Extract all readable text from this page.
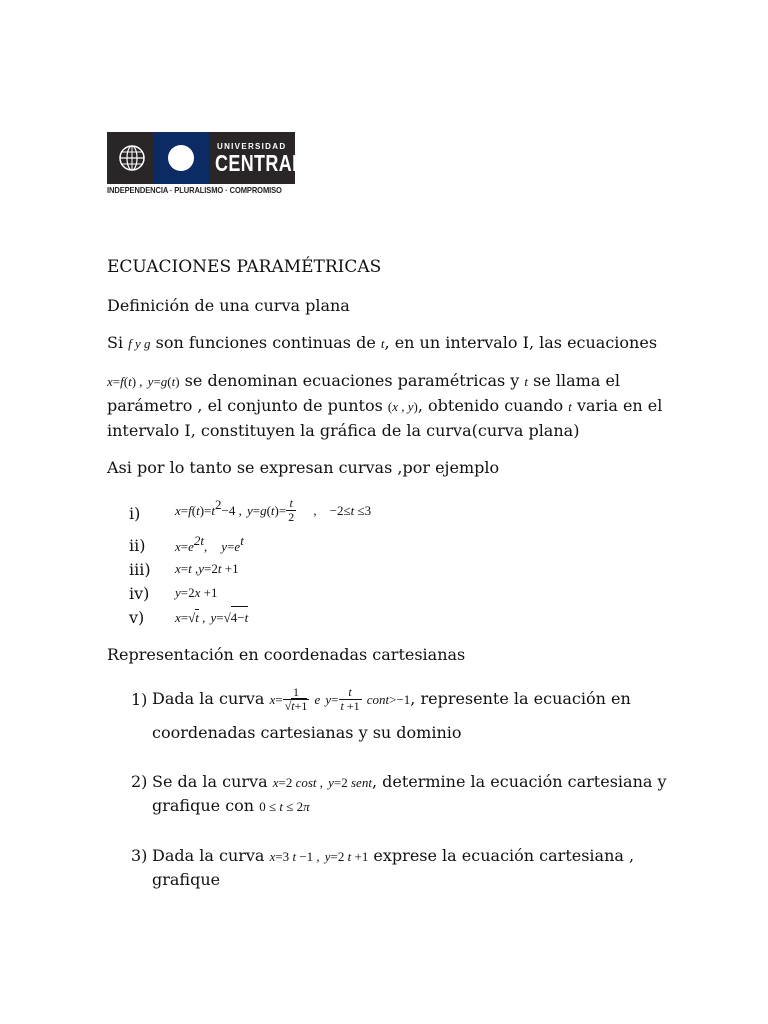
UNIVERSIDAD
CENTRAL
INDEPENDENCIA · PLURALISMO · COMPROMISO
ECUACIONES PARAMÉTRICAS
Definición de una curva plana
Si f y g son funciones continuas de t, en un intervalo I, las ecuaciones
x=f(t) , y=g(t) se denominan ecuaciones paramétricas y t se llama el
parámetro , el conjunto de puntos (x , y), obtenido cuando t varia en el
intervalo I, constituyen la gráfica de la curva(curva plana)
Asi por lo tanto se expresan curvas ,por ejemplo
i)	$x=f(t)=t^2-4$ , $y=g(t)= \frac{t}{2}$ , −2≤t ≤3
ii) $x=e^{2t}$, $y=e^t$
iii) x=t ,y=2t +1
iv) y=2x +1
v) x=√t , y=√4−t
Representación en coordenadas cartesianas
1) Dada la curva $x= \frac{1}{√t+1}$ e $y= \frac{t}{t +1}$ cont>−1, represente la ecuación en
coordenadas cartesianas y su dominio
2) Se da la curva x=2 cost , y=2 sent, determine la ecuación cartesiana y
grafique con 0 ≤ t ≤ 2π
3) Dada la curva x=3 t −1 , y=2 t +1 exprese la ecuación cartesiana ,
grafique
